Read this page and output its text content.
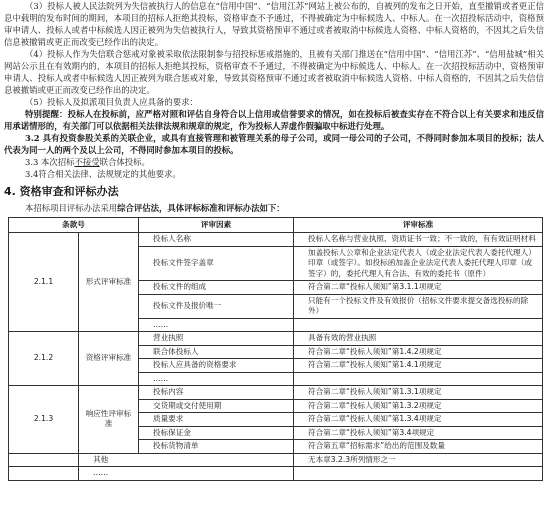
（3）投标人被人民法院列为失信被执行人的信息在“信用中国”、“信用江苏”网站上被公布的，自被列的发布之日开始，直至撤销或者更正信息中载明的发布时间的期间，本项目的招标人拒绝其投标，资格审查不予通过，不得被确定为中标候选人、中标人。在一次招投标活动中，资格预审申请人、投标人或者中标候选人因正被列为失信被执行人，导致其资格预审不通过或者被取消中标候选人资格、中标人资格的，不因其之后失信信息被撤销或更正而改变已经作出的决定。

（4）投标人作为失信联合惩戒对象被采取依法限制参与招投标惩戒措施的，且被有关部门推送在“信用中国”、“信用江苏”、“信用盐城”相关网站公示且在有效期内的，本项目的招标人拒绝其投标，资格审查不予通过，不得被确定为中标候选人、中标人。在一次招投标活动中，资格预审申请人、投标人或者中标候选人因正被列为联合惩戒对象，导致其资格预审不通过或者被取消中标候选人资格、中标人资格的，不因其之后失信信息被撤销或更正而改变已经作出的决定。

（5）投标人及拟派项目负责人应具备的要求：

特别提醒：投标人在投标前，应严格对照和评估自身符合以上信用或信誉要求的情况，如在投标后被查实存在不符合以上有关要求和违反信用承诺情形的，有关部门可以依据相关法律法规和规章的规定，作为投标人弄虚作假骗取中标进行处理。

3.2 具有投资参股关系的关联企业，或具有直接管理和被管理关系的母子公司，或同一母公司的子公司，不得同时参加本项目的投标；法人代表为同一人的两个及以上公司，不得同时参加本项目的投标。

3.3 本次招标不接受联合体投标。

3.4符合相关法律、法规规定的其他要求。

4. 资格审查和评标办法

本招标项目评标办法采用综合评估法，具体评标标准和评标办法如下：

条款号		评审因素	评审标准
2.1.1	形式评审标准	投标人名称	投标人名称与营业执照、资质证书一致；不一致的，有有效证明材料
		投标文件签字盖章	加盖投标人公章和企业法定代表人（或企业法定代表人委托代理人）印章（或签字）。如投标函加盖企业法定代表人委托代理人印章（或签字）的，委托代理人有合法、有效的委托书（原件）
		投标文件的组成	符合第二章“投标人须知”第3.1.1项规定
		投标文件及报价唯一	只能有一个投标文件及有效报价（招标文件要求提交备选投标的除外）
		……	
2.1.2	资格评审标准	营业执照	具备有效的营业执照
		联合体投标人	符合第二章“投标人须知”第1.4.2项规定
		投标人应具备的资格要求	符合第二章“投标人须知”第1.4.1项规定
		……	
2.1.3	响应性评审标准	投标内容	符合第二章“投标人须知”第1.3.1项规定
		交货期或交付使用期	符合第二章“投标人须知”第1.3.2项规定
		质量要求	符合第二章“投标人须知”第1.3.4项规定
		投标保证金	符合第二章“投标人须知”第3.4项规定
		投标货物清单	符合第五章“招标需求”给出的范围及数量
	其他		无本章3.2.3所列情形之一
	……		
